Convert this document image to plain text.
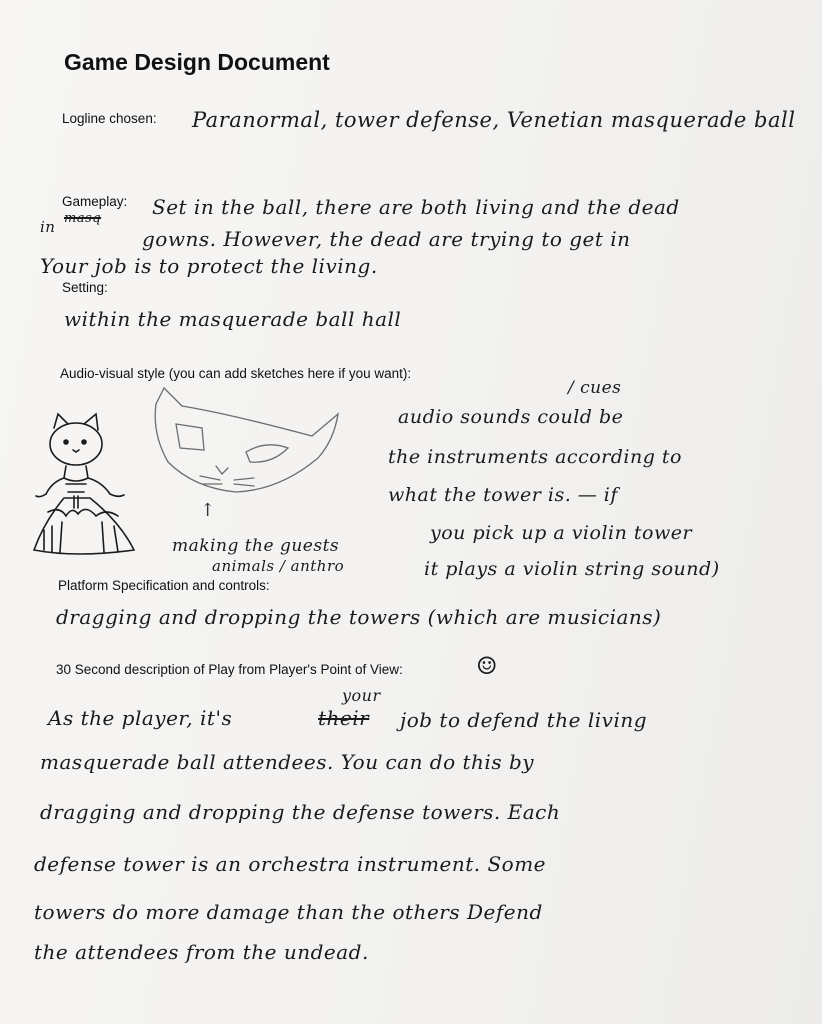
Game Design Document
Logline chosen: Paranormal, tower defense, Venetian masquerade ball
Gameplay: Set in the ball, there are both living and the dead
in masq
gowns. However, the dead are trying to get in
Your job is to protect the living.
Setting:
within the masquerade ball hall
Audio-visual style (you can add sketches here if you want):
/ cues
audio sounds could be
the instruments according to
what the tower is. — if
you pick up a violin tower
it plays a violin string sound)
↑
making the guests
animals / anthro
Platform Specification and controls:
dragging and dropping the towers (which are musicians)
30 Second description of Play from Player's Point of View:	☺
your
As the player, it's	their job to defend the living
masquerade ball attendees. You can do this by
dragging and dropping the defense towers. Each
defense tower is an orchestra instrument. Some
towers do more damage than the others Defend
the attendees from the undead.
